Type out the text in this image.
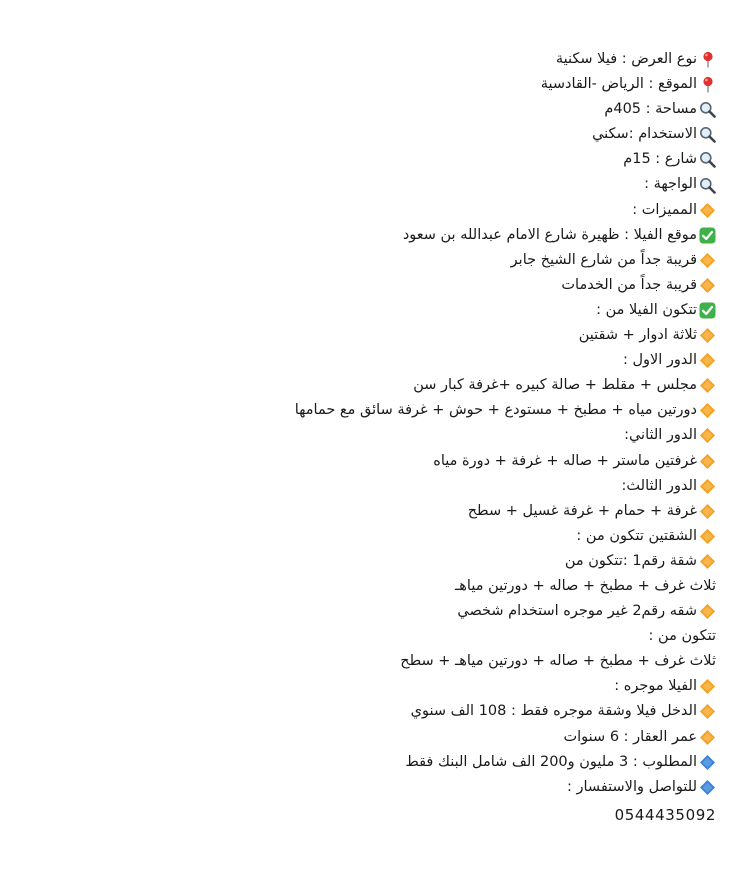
نوع العرض : فيلا سكنية
الموقع : الرياض -القادسية
مساحة : 405م
الاستخدام :سكني
شارع : 15م
الواجهة :
المميزات :
موقع الفيلا : ظهيرة شارع الامام عبدالله بن سعود
قريبة جداً من شارع الشيخ جابر
قريبة جداً من الخدمات
تتكون الفيلا من :
ثلاثة ادوار + شقتين
الدور الاول :
مجلس + مقلط + صالة كبيره +غرفة كبار سن
دورتين مياه + مطبخ + مستودع + حوش + غرفة سائق مع حمامها
الدور الثاني:
غرفتين ماستر + صاله + غرفة + دورة مياه
الدور الثالث:
غرفة + حمام + غرفة غسيل + سطح
الشقتين تتكون من :
شقة رقم1 :تتكون من
ثلاث غرف + مطبخ + صاله + دورتين مياهـ
شقه رقم2 غير موجره استخدام شخصي
تتكون من :
ثلاث غرف + مطبخ + صاله + دورتين مياهـ + سطح
الفيلا موجره :
الدخل فيلا وشقة موجره فقط : 108 الف سنوي
عمر العقار : 6 سنوات
المطلوب : 3 مليون و200 الف شامل البنك فقط
للتواصل والاستفسار :
0544435092
